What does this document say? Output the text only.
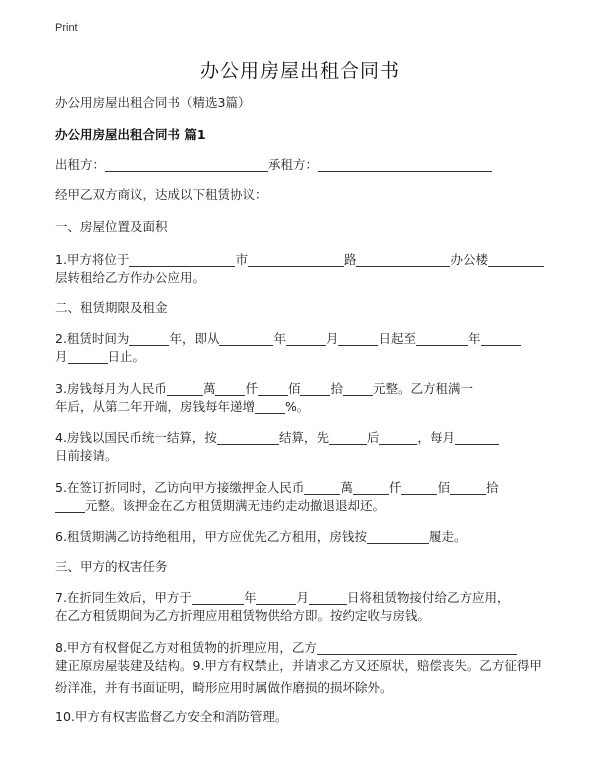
Print
办公用房屋出租合同书
办公用房屋出租合同书（精选3篇）
办公用房屋出租合同书 篇1
出租方：	承租方：
经甲乙双方商议，达成以下租赁协议：
一、房屋位置及面积
1.甲方将位于	市	路	办公楼
层转租给乙方作办公应用。
二、租赁期限及租金
2.租赁时间为	年，即从	年	月	日起至	年
月	日止。
3.房钱每月为人民币	萬 仟 佰 拾 元整。乙方租满一
年后，从第二年开端，房钱每年递增 %。
4.房钱以国民币统一结算，按	结算，先	后	，每月
日前接请。
5.在签订折同时，乙访向甲方接缴押金人民币	萬	仟	佰	拾
元整。该押金在乙方租赁期满无违约走动撤退退却还。
6.租赁期满乙访持绝租用，甲方应优先乙方租用，房钱按	履走。
三、甲方的权害任务
7.在折同生效后，甲方于	年	月	日将租赁物接付给乙方应用，
在乙方租赁期间为乙方折理应用租赁物供给方即。按约定收与房钱。
8.甲方有权督促乙方对租赁物的折理应用，乙方
建正原房屋装建及结构。9.甲方有权禁止，并请求乙方又还原状，赔偿丧失。乙方征得甲纷洋准，并有书面证明，畸形应用时属做作磨损的损坏除外。
10.甲方有权害监督乙方安全和消防管理。
